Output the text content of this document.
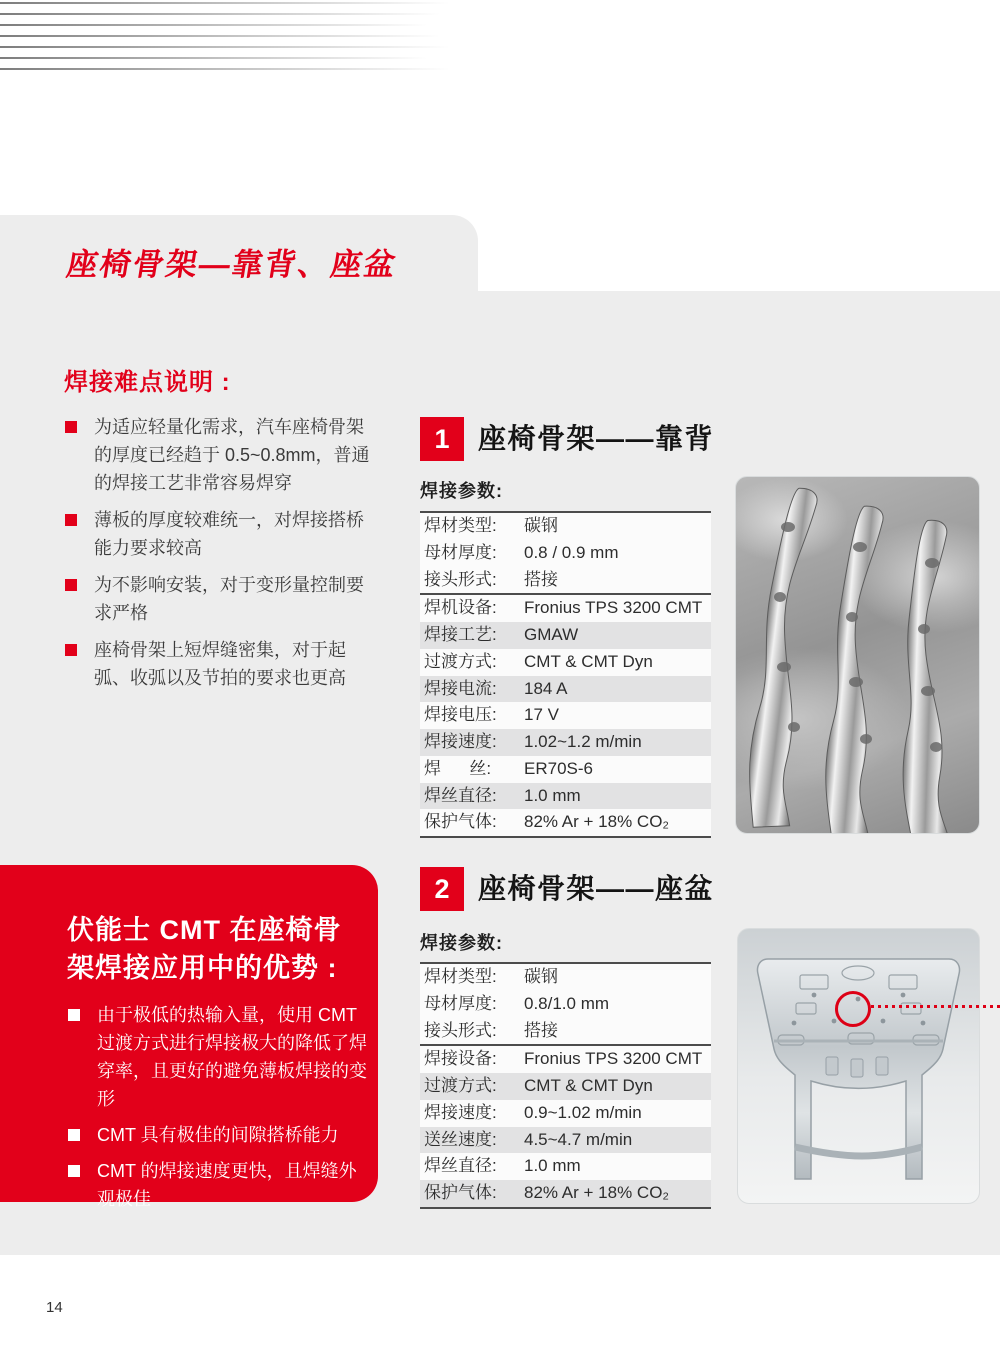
座椅骨架—靠背、座盆
焊接难点说明 :
为适应轻量化需求，汽车座椅骨架的厚度已经趋于 0.5~0.8mm，普通的焊接工艺非常容易焊穿
薄板的厚度较难统一，对焊接搭桥能力要求较高
为不影响安装，对于变形量控制要求严格
座椅骨架上短焊缝密集，对于起弧、收弧以及节拍的要求也更高
1	座椅骨架——靠背
焊接参数:
焊材类型:	碳钢
母材厚度:	0.8 / 0.9 mm
接头形式:	搭接
焊机设备:	Fronius TPS 3200 CMT
焊接工艺:	GMAW
过渡方式:	CMT & CMT Dyn
焊接电流:	184 A
焊接电压:	17 V
焊接速度:	1.02~1.2 m/min
焊      丝:	ER70S-6
焊丝直径:	1.0 mm
保护气体:	82% Ar + 18% CO₂
伏能士 CMT 在座椅骨架焊接应用中的优势 :
由于极低的热输入量，使用 CMT 过渡方式进行焊接极大的降低了焊穿率，且更好的避免薄板焊接的变形
CMT 具有极佳的间隙搭桥能力
CMT 的焊接速度更快，且焊缝外观极佳
2	座椅骨架——座盆
焊接参数:
焊材类型:	碳钢
母材厚度:	0.8/1.0 mm
接头形式:	搭接
焊接设备:	Fronius TPS 3200 CMT
过渡方式:	CMT & CMT Dyn
焊接速度:	0.9~1.02 m/min
送丝速度:	4.5~4.7 m/min
焊丝直径:	1.0 mm
保护气体:	82% Ar + 18% CO₂
14
